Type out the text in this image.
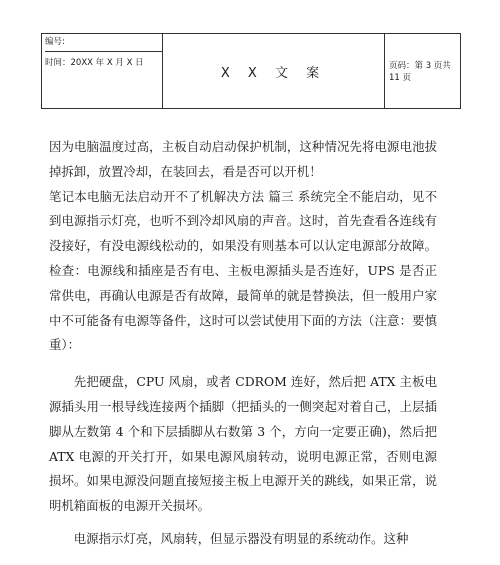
编号:
时间：20XX 年 X 月 X 日
X X 文 案	页码：第 3 页共 11 页

因为电脑温度过高，主板自动启动保护机制，这种情况先将电源电池拔掉拆卸，放置冷却，在装回去，看是否可以开机！

笔记本电脑无法启动开不了机解决方法 篇三 系统完全不能启动，见不到电源指示灯亮，也听不到冷却风扇的声音。这时，首先查看各连线有没接好，有没电源线松动的，如果没有则基本可以认定电源部分故障。检查：电源线和插座是否有电、主板电源插头是否连好，UPS 是否正常供电，再确认电源是否有故障，最简单的就是替换法，但一般用户家中不可能备有电源等备件，这时可以尝试使用下面的方法（注意：要慎重）：

先把硬盘，CPU 风扇，或者 CDROM 连好，然后把 ATX 主板电源插头用一根导线连接两个插脚（把插头的一侧突起对着自己，上层插脚从左数第 4 个和下层插脚从右数第 3 个，方向一定要正确)，然后把 ATX 电源的开关打开，如果电源风扇转动，说明电源正常，否则电源损坏。如果电源没问题直接短接主板上电源开关的跳线，如果正常，说明机箱面板的电源开关损坏。

电源指示灯亮，风扇转，但显示器没有明显的系统动作。这种
